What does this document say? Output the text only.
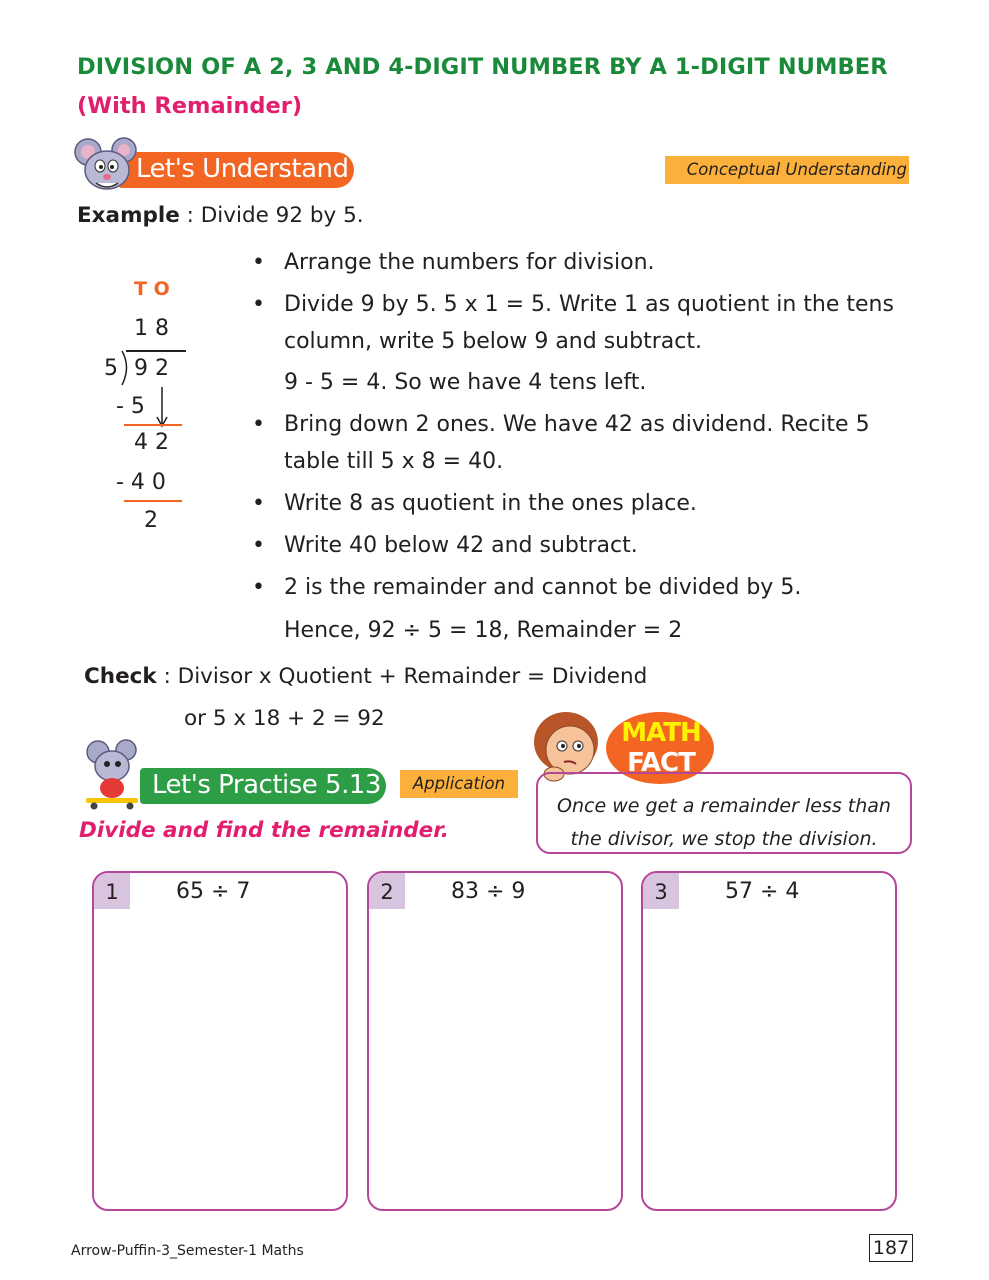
DIVISION OF A 2, 3 AND 4-DIGIT NUMBER BY A 1-DIGIT NUMBER
(With Remainder)
Let's Understand	Conceptual Understanding
Example : Divide 92 by 5.
T O
1 8
5 9 2
- 5
4 2
- 4 0
2
• Arrange the numbers for division.
• Divide 9 by 5. 5 x 1 = 5. Write 1 as quotient in the tens column, write 5 below 9 and subtract.
9 - 5 = 4. So we have 4 tens left.
• Bring down 2 ones. We have 42 as dividend. Recite 5 table till 5 x 8 = 40.
• Write 8 as quotient in the ones place.
• Write 40 below 42 and subtract.
• 2 is the remainder and cannot be divided by 5.
Hence, 92 ÷ 5 = 18, Remainder = 2
Check : Divisor x Quotient + Remainder = Dividend
or 5 x 18 + 2 = 92
Let's Practise 5.13	Application
Divide and find the remainder.
MATH
FACT
Once we get a remainder less than
the divisor, we stop the division.
1	65 ÷ 7	2	83 ÷ 9	3	57 ÷ 4
Arrow-Puffin-3_Semester-1 Maths	187
